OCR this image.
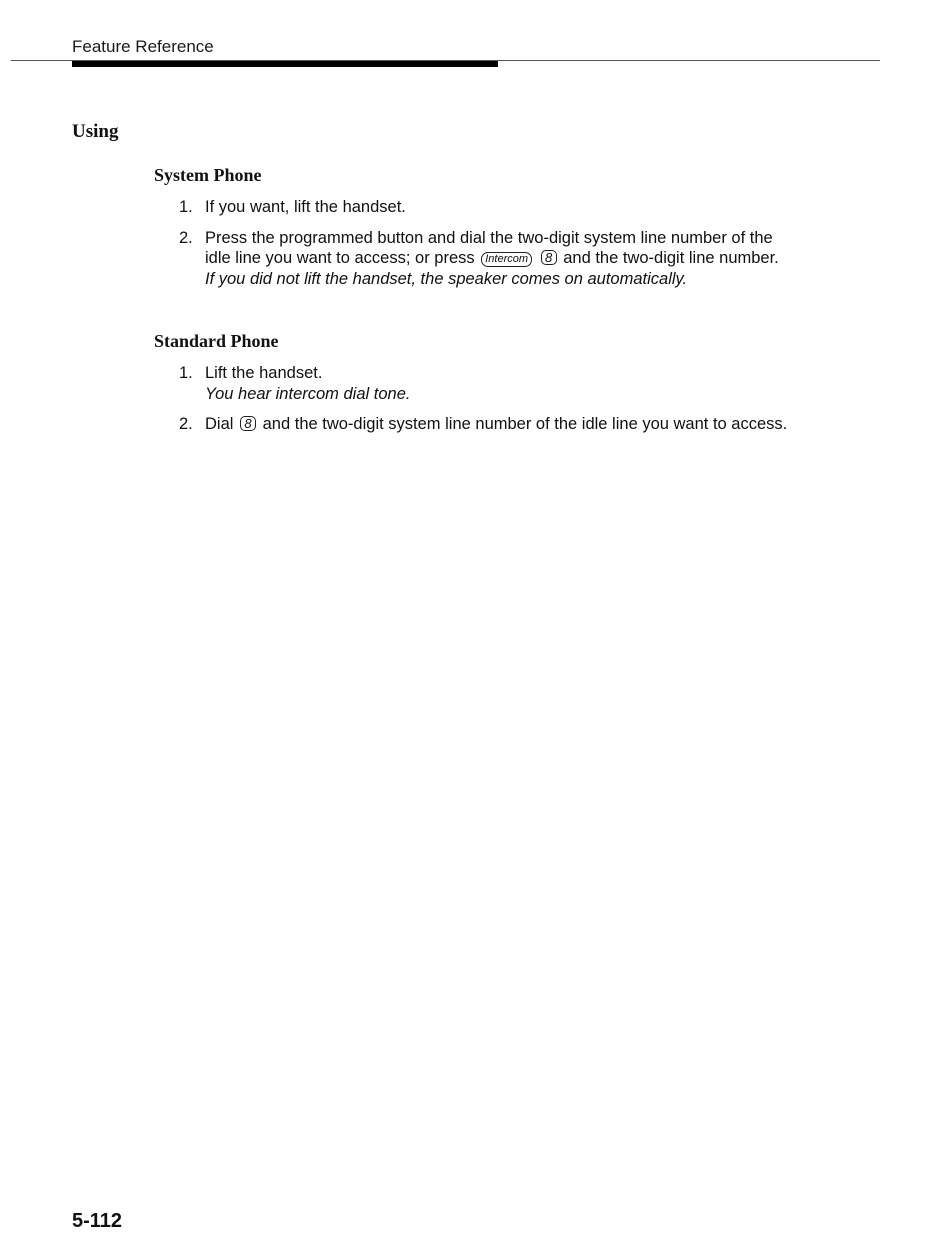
Feature Reference
Using
System Phone
1. If you want, lift the handset.
2. Press the programmed button and dial the two-digit system line number of the idle line you want to access; or press Intercom 8 and the two-digit line number.
If you did not lift the handset, the speaker comes on automatically.
Standard Phone
1. Lift the handset.
You hear intercom dial tone.
2. Dial 8 and the two-digit system line number of the idle line you want to access.
5-112
